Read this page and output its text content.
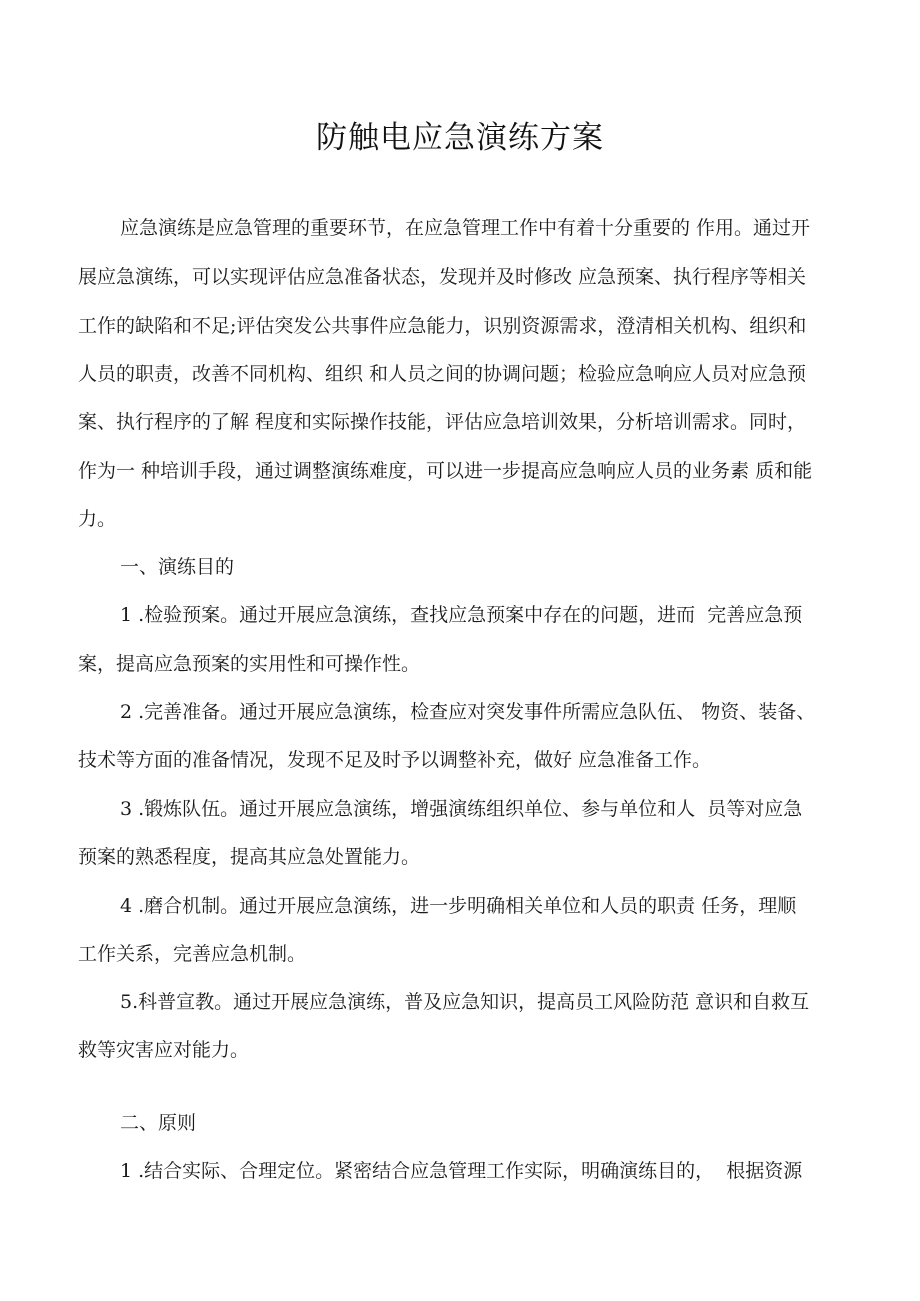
防触电应急演练方案
应急演练是应急管理的重要环节，在应急管理工作中有着十分重要的 作用。通过开
展应急演练，可以实现评估应急准备状态，发现并及时修改 应急预案、执行程序等相关
工作的缺陷和不足;评估突发公共事件应急能力，识别资源需求，澄清相关机构、组织和
人员的职责，改善不同机构、组织 和人员之间的协调问题；检验应急响应人员对应急预
案、执行程序的了解 程度和实际操作技能，评估应急培训效果，分析培训需求。同时，
作为一 种培训手段，通过调整演练难度，可以进一步提高应急响应人员的业务素 质和能
力。
一、演练目的
1 .检验预案。通过开展应急演练，查找应急预案中存在的问题，进而  完善应急预
案，提高应急预案的实用性和可操作性。
2 .完善准备。通过开展应急演练，检查应对突发事件所需应急队伍、 物资、装备、
技术等方面的准备情况，发现不足及时予以调整补充，做好 应急准备工作。
3 .锻炼队伍。通过开展应急演练，增强演练组织单位、参与单位和人  员等对应急
预案的熟悉程度，提高其应急处置能力。
4 .磨合机制。通过开展应急演练，进一步明确相关单位和人员的职责 任务，理顺
工作关系，完善应急机制。
5.科普宣教。通过开展应急演练，普及应急知识，提高员工风险防范 意识和自救互
救等灾害应对能力。
二、原则
1 .结合实际、合理定位。紧密结合应急管理工作实际，明确演练目的，  根据资源
